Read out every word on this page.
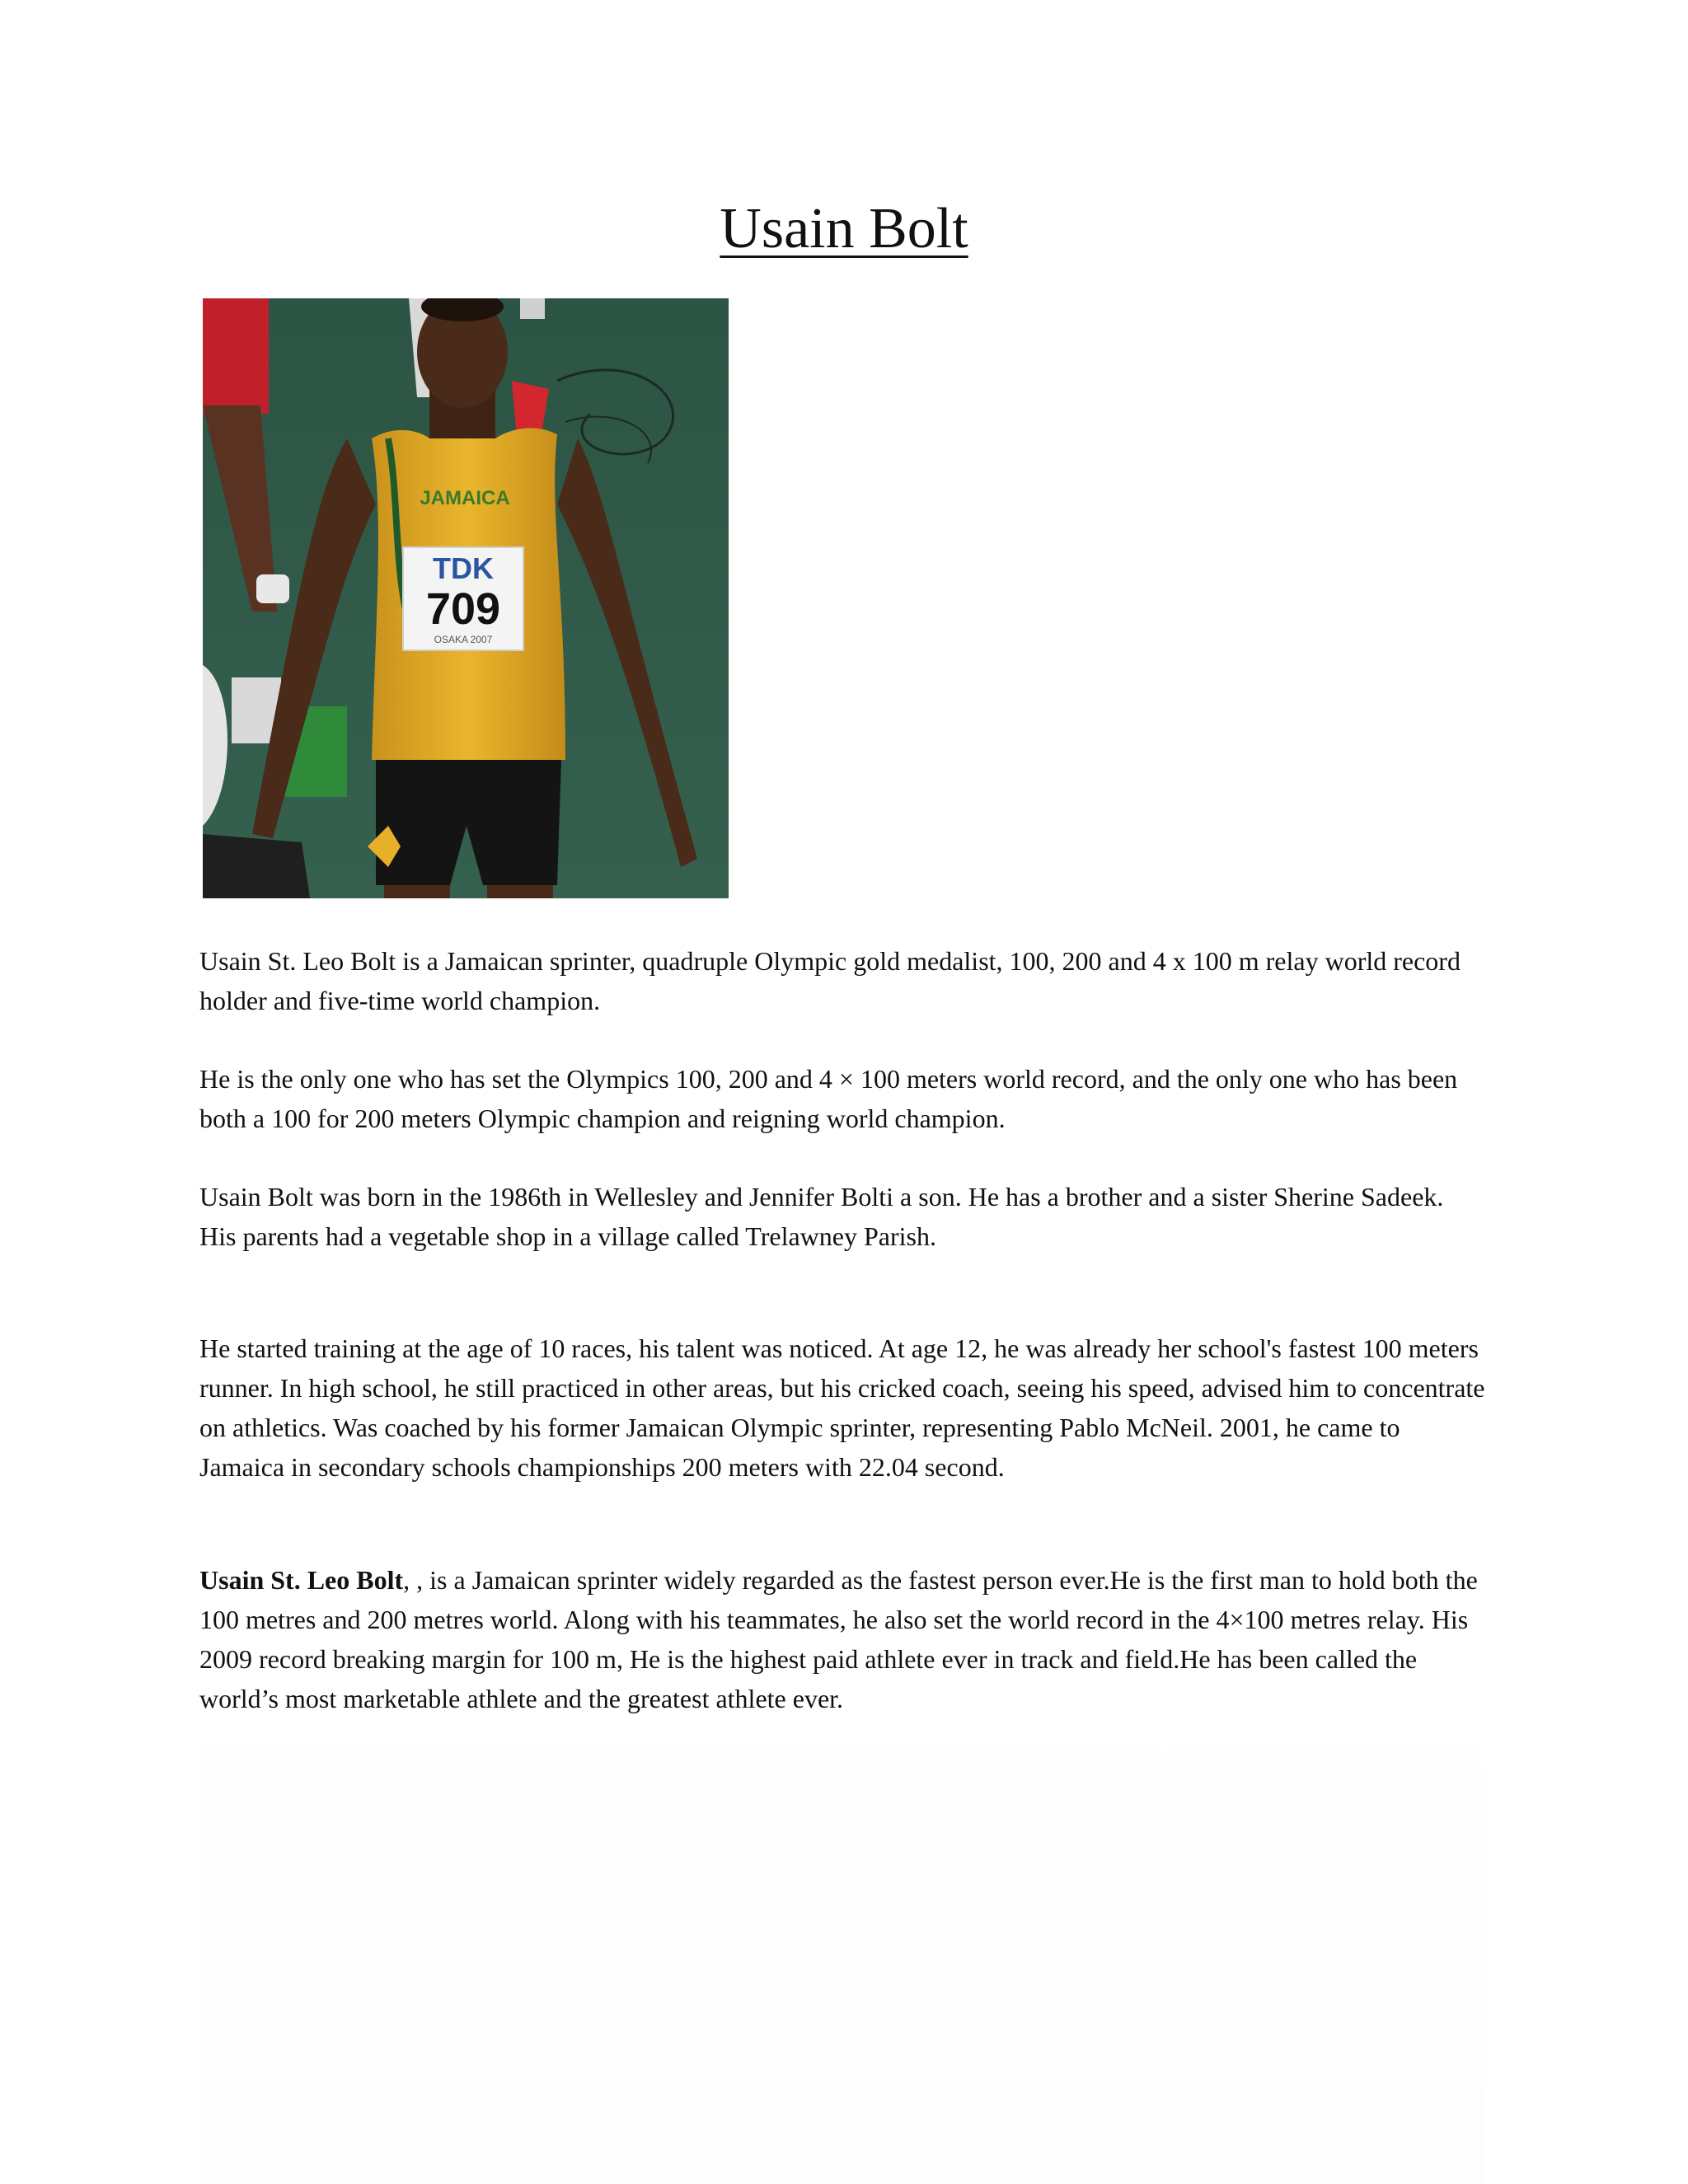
Usain Bolt
JAMAICA
TDK
709
OSAKA 2007

Usain St. Leo Bolt is a Jamaican sprinter, quadruple Olympic gold medalist, 100, 200 and 4 x 100 m relay world record holder and five-time world champion.

He is the only one who has set the Olympics 100, 200 and 4 × 100 meters world record, and the only one who has been both a 100 for 200 meters Olympic champion and reigning world champion.

Usain Bolt was born in the 1986th in Wellesley and Jennifer Bolti a son. He has a brother and a sister Sherine Sadeek. His parents had a vegetable shop in a village called Trelawney Parish.

He started training at the age of 10 races, his talent was noticed. At age 12, he was already her school's fastest 100 meters runner. In high school, he still practiced in other areas, but his cricked coach, seeing his speed, advised him to concentrate on athletics. Was coached by his former Jamaican Olympic sprinter, representing Pablo McNeil. 2001, he came to Jamaica in secondary schools championships 200 meters with 22.04 second.

Usain St. Leo Bolt, , is a Jamaican sprinter widely regarded as the fastest person ever.He is the first man to hold both the 100 metres and 200 metres world. Along with his teammates, he also set the world record in the 4×100 metres relay. His 2009 record breaking margin for 100 m, He is the highest paid athlete ever in track and field.He has been called the world’s most marketable athlete and the greatest athlete ever.
